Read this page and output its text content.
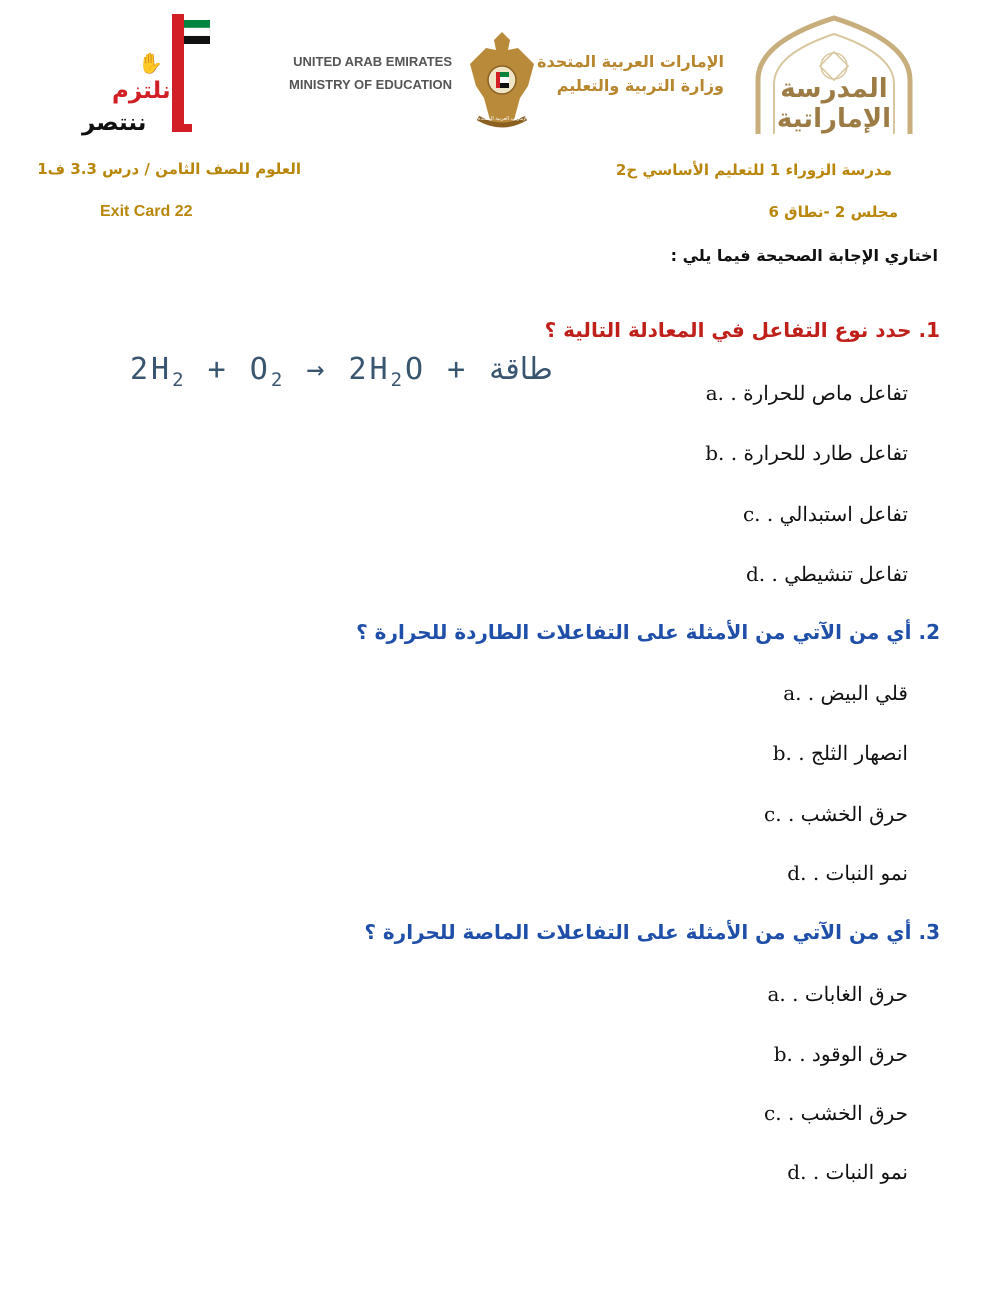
✋
نلتزم
ننتصر
UNITED ARAB EMIRATES
MINISTRY OF EDUCATION
دولة الإمارات العربية المتحدة
الإمارات العربية المتحدة
وزارة التربية والتعليم	المدرسة
الإماراتية
العلوم للصف الثامن / درس 3.3 ف1	مدرسة الزوراء 1 للتعليم الأساسي ح2
Exit Card 22	مجلس 2 -نطاق 6
اختاري الإجابة الصحيحة فيما يلي :
1. حدد نوع التفاعل في المعادلة التالية ؟
$2H_2 + O_2 \to 2H_2O$ + طاقة
a. تفاعل ماص للحرارة .
b. تفاعل طارد للحرارة .
c. تفاعل استبدالي .
d. تفاعل تنشيطي .
2. أي من الآتي من الأمثلة على التفاعلات الطاردة للحرارة ؟
a. قلي البيض .
b. انصهار الثلج .
c. حرق الخشب .
d. نمو النبات .
3. أي من الآتي من الأمثلة على التفاعلات الماصة للحرارة ؟
a. حرق الغابات .
b. حرق الوقود .
c. حرق الخشب .
d. نمو النبات .
